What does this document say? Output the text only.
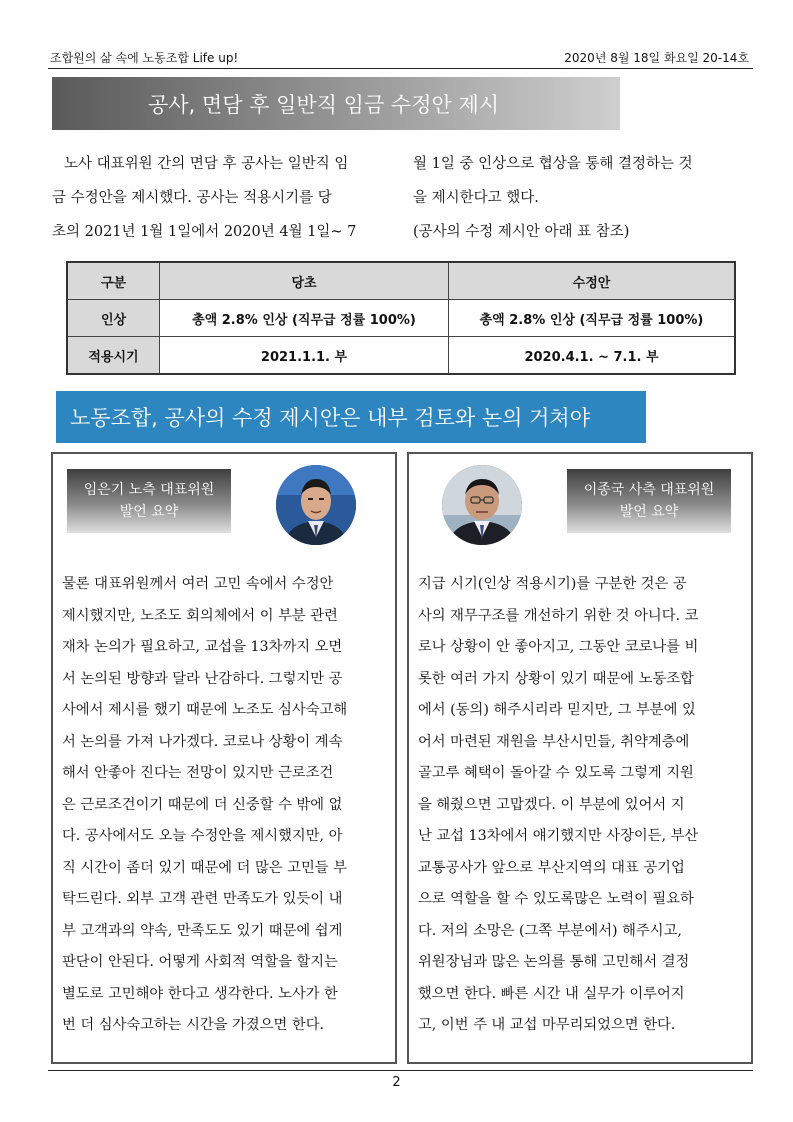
조합원의 삶 속에 노동조합 Life up!	2020년 8월 18일 화요일 20-14호
공사, 면담 후 일반직 임금 수정안 제시
노사 대표위원 간의 면담 후 공사는 일반직 임
금 수정안을 제시했다. 공사는 적용시기를 당
초의 2021년 1월 1일에서 2020년 4월 1일~ 7
월 1일 중 인상으로 협상을 통해 결정하는 것
을 제시한다고 했다.
(공사의 수정 제시안 아래 표 참조)
구분	당초	수정안
인상	총액 2.8% 인상 (직무급 정률 100%)	총액 2.8% 인상 (직무급 정률 100%)
적용시기	2021.1.1. 부	2020.4.1. ~ 7.1. 부
노동조합, 공사의 수정 제시안은 내부 검토와 논의 거쳐야
임은기 노측 대표위원
발언 요약
물론 대표위원께서 여러 고민 속에서 수정안
제시했지만, 노조도 회의체에서 이 부분 관련
재차 논의가 필요하고, 교섭을 13차까지 오면
서 논의된 방향과 달라 난감하다. 그렇지만 공
사에서 제시를 했기 때문에 노조도 심사숙고해
서 논의를 가져 나가겠다. 코로나 상황이 계속
해서 안좋아 진다는 전망이 있지만 근로조건
은 근로조건이기 때문에 더 신중할 수 밖에 없
다. 공사에서도 오늘 수정안을 제시했지만, 아
직 시간이 좀더 있기 때문에 더 많은 고민들 부
탁드린다. 외부 고객 관련 만족도가 있듯이 내
부 고객과의 약속, 만족도도 있기 때문에 쉽게
판단이 안된다. 어떻게 사회적 역할을 할지는
별도로 고민해야 한다고 생각한다. 노사가 한
번 더 심사숙고하는 시간을 가졌으면 한다.
이종국 사측 대표위원
발언 요약
지급 시기(인상 적용시기)를 구분한 것은 공
사의 재무구조를 개선하기 위한 것 아니다. 코
로나 상황이 안 좋아지고, 그동안 코로나를 비
롯한 여러 가지 상황이 있기 때문에 노동조합
에서 (동의) 해주시리라 믿지만, 그 부분에 있
어서 마련된 재원을 부산시민들, 취약계층에
골고루 혜택이 돌아갈 수 있도록 그렇게 지원
을 해줬으면 고맙겠다. 이 부분에 있어서 지
난 교섭 13차에서 얘기했지만 사장이든, 부산
교통공사가 앞으로 부산지역의 대표 공기업
으로 역할을 할 수 있도록많은 노력이 필요하
다. 저의 소망은 (그쪽 부분에서) 해주시고,
위원장님과 많은 논의를 통해 고민해서 결정
했으면 한다. 빠른 시간 내 실무가 이루어지
고, 이번 주 내 교섭 마무리되었으면 한다.
2
